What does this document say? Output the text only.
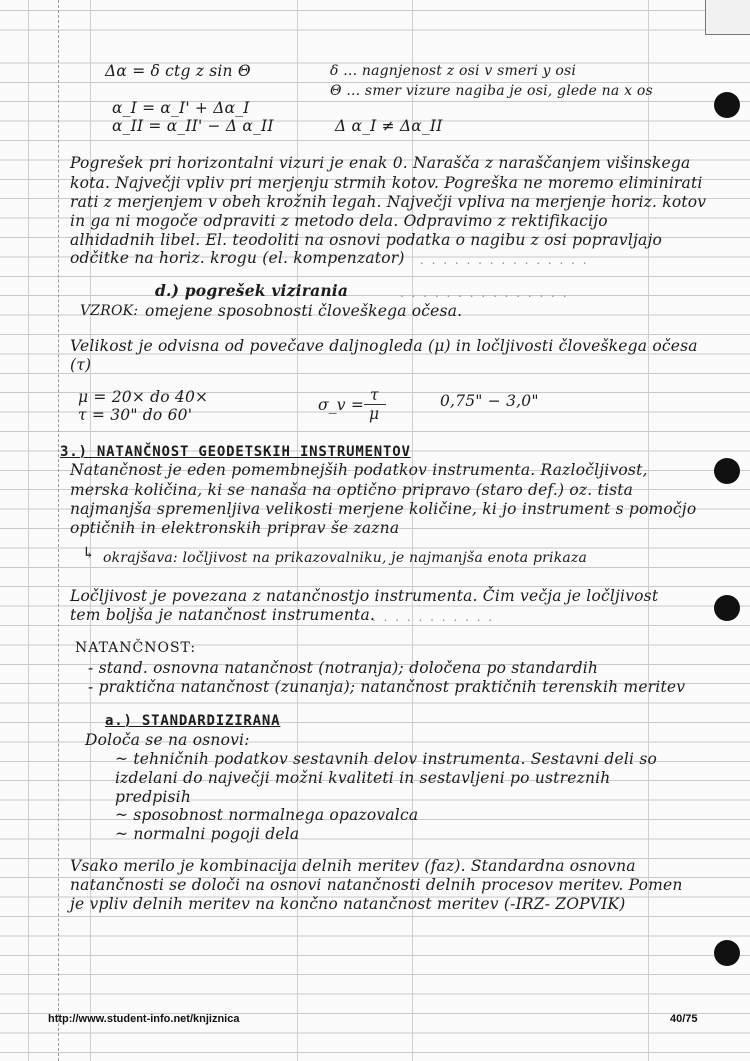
Δα = δ ctg z sin Θ	δ ... nagnjenost z osi v smeri y osi
Θ ... smer vizure nagiba je osi, glede na x os
α_I = α_I' + Δα_I
α_II = α_II' − Δ α_II	Δ α_I ≠ Δα_II
Pogrešek pri horizontalni vizuri je enak 0. Narašča z naraščanjem višinskega
kota. Največji vpliv pri merjenju strmih kotov. Pogreška ne moremo eliminirati
rati z merjenjem v obeh krožnih legah. Največji vpliva na merjenje horiz. kotov
in ga ni mogoče odpraviti z metodo dela. Odpravimo z rektifikacijo
alhidadnih libel. El. teodoliti na osnovi podatka o nagibu z osi popravljajo
odčitke na horiz. krogu (el. kompenzator) . . . . . . . . . . . . . . .
d.) pogrešek vizirania	. . . . . . . . . . . . . . .
VZROK: omejene sposobnosti človeškega očesa.
Velikost je odvisna od povečave daljnogleda (μ) in ločljivosti človeškega očesa
(τ)
μ = 20× do 40×
τ = 30" do 60'
σ_v =
τ
μ
0,75" − 3,0"
3.) NATANČNOST GEODETSKIH INSTRUMENTOV
Natančnost je eden pomembnejših podatkov instrumenta. Razločljivost,
merska količina, ki se nanaša na optično pripravo (staro def.) oz. tista
najmanjša spremenljiva velikosti merjene količine, ki jo instrument s pomočjo
optičnih in elektronskih priprav še zazna
↳ okrajšava: ločljivost na prikazovalniku, je najmanjša enota prikaza
Ločljivost je povezana z natančnostjo instrumenta. Čim večja je ločljivost
tem boljša je natančnost instrumenta.
. . . . . . . . . . .
NATANČNOST:
- stand. osnovna natančnost (notranja); določena po standardih
- praktična natančnost (zunanja); natančnost praktičnih terenskih meritev
a.) STANDARDIZIRANA
Določa se na osnovi:
~ tehničnih podatkov sestavnih delov instrumenta. Sestavni deli so
izdelani do največji možni kvaliteti in sestavljeni po ustreznih
predpisih
~ sposobnost normalnega opazovalca
~ normalni pogoji dela
Vsako merilo je kombinacija delnih meritev (faz). Standardna osnovna
natančnosti se določi na osnovi natančnosti delnih procesov meritev. Pomen
je vpliv delnih meritev na končno natančnost meritev (-IRZ- ZOPVIK)
http://www.student-info.net/knjiznica	40/75
